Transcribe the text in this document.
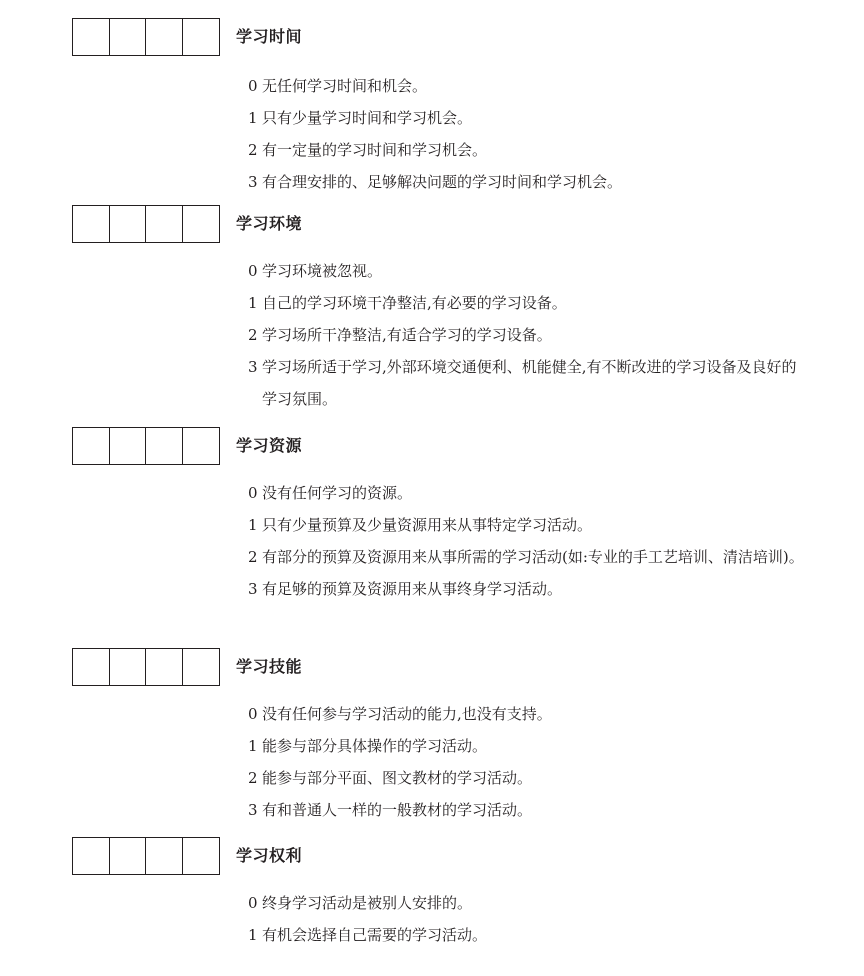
学习时间
0 无任何学习时间和机会。
1 只有少量学习时间和学习机会。
2 有一定量的学习时间和学习机会。
3 有合理安排的、足够解决问题的学习时间和学习机会。
学习环境
0 学习环境被忽视。
1 自己的学习环境干净整洁,有必要的学习设备。
2 学习场所干净整洁,有适合学习的学习设备。
3 学习场所适于学习,外部环境交通便利、机能健全,有不断改进的学习设备及良好的学习氛围。
学习资源
0 没有任何学习的资源。
1 只有少量预算及少量资源用来从事特定学习活动。
2 有部分的预算及资源用来从事所需的学习活动(如:专业的手工艺培训、清洁培训)。
3 有足够的预算及资源用来从事终身学习活动。
学习技能
0 没有任何参与学习活动的能力,也没有支持。
1 能参与部分具体操作的学习活动。
2 能参与部分平面、图文教材的学习活动。
3 有和普通人一样的一般教材的学习活动。
学习权利
0 终身学习活动是被别人安排的。
1 有机会选择自己需要的学习活动。
